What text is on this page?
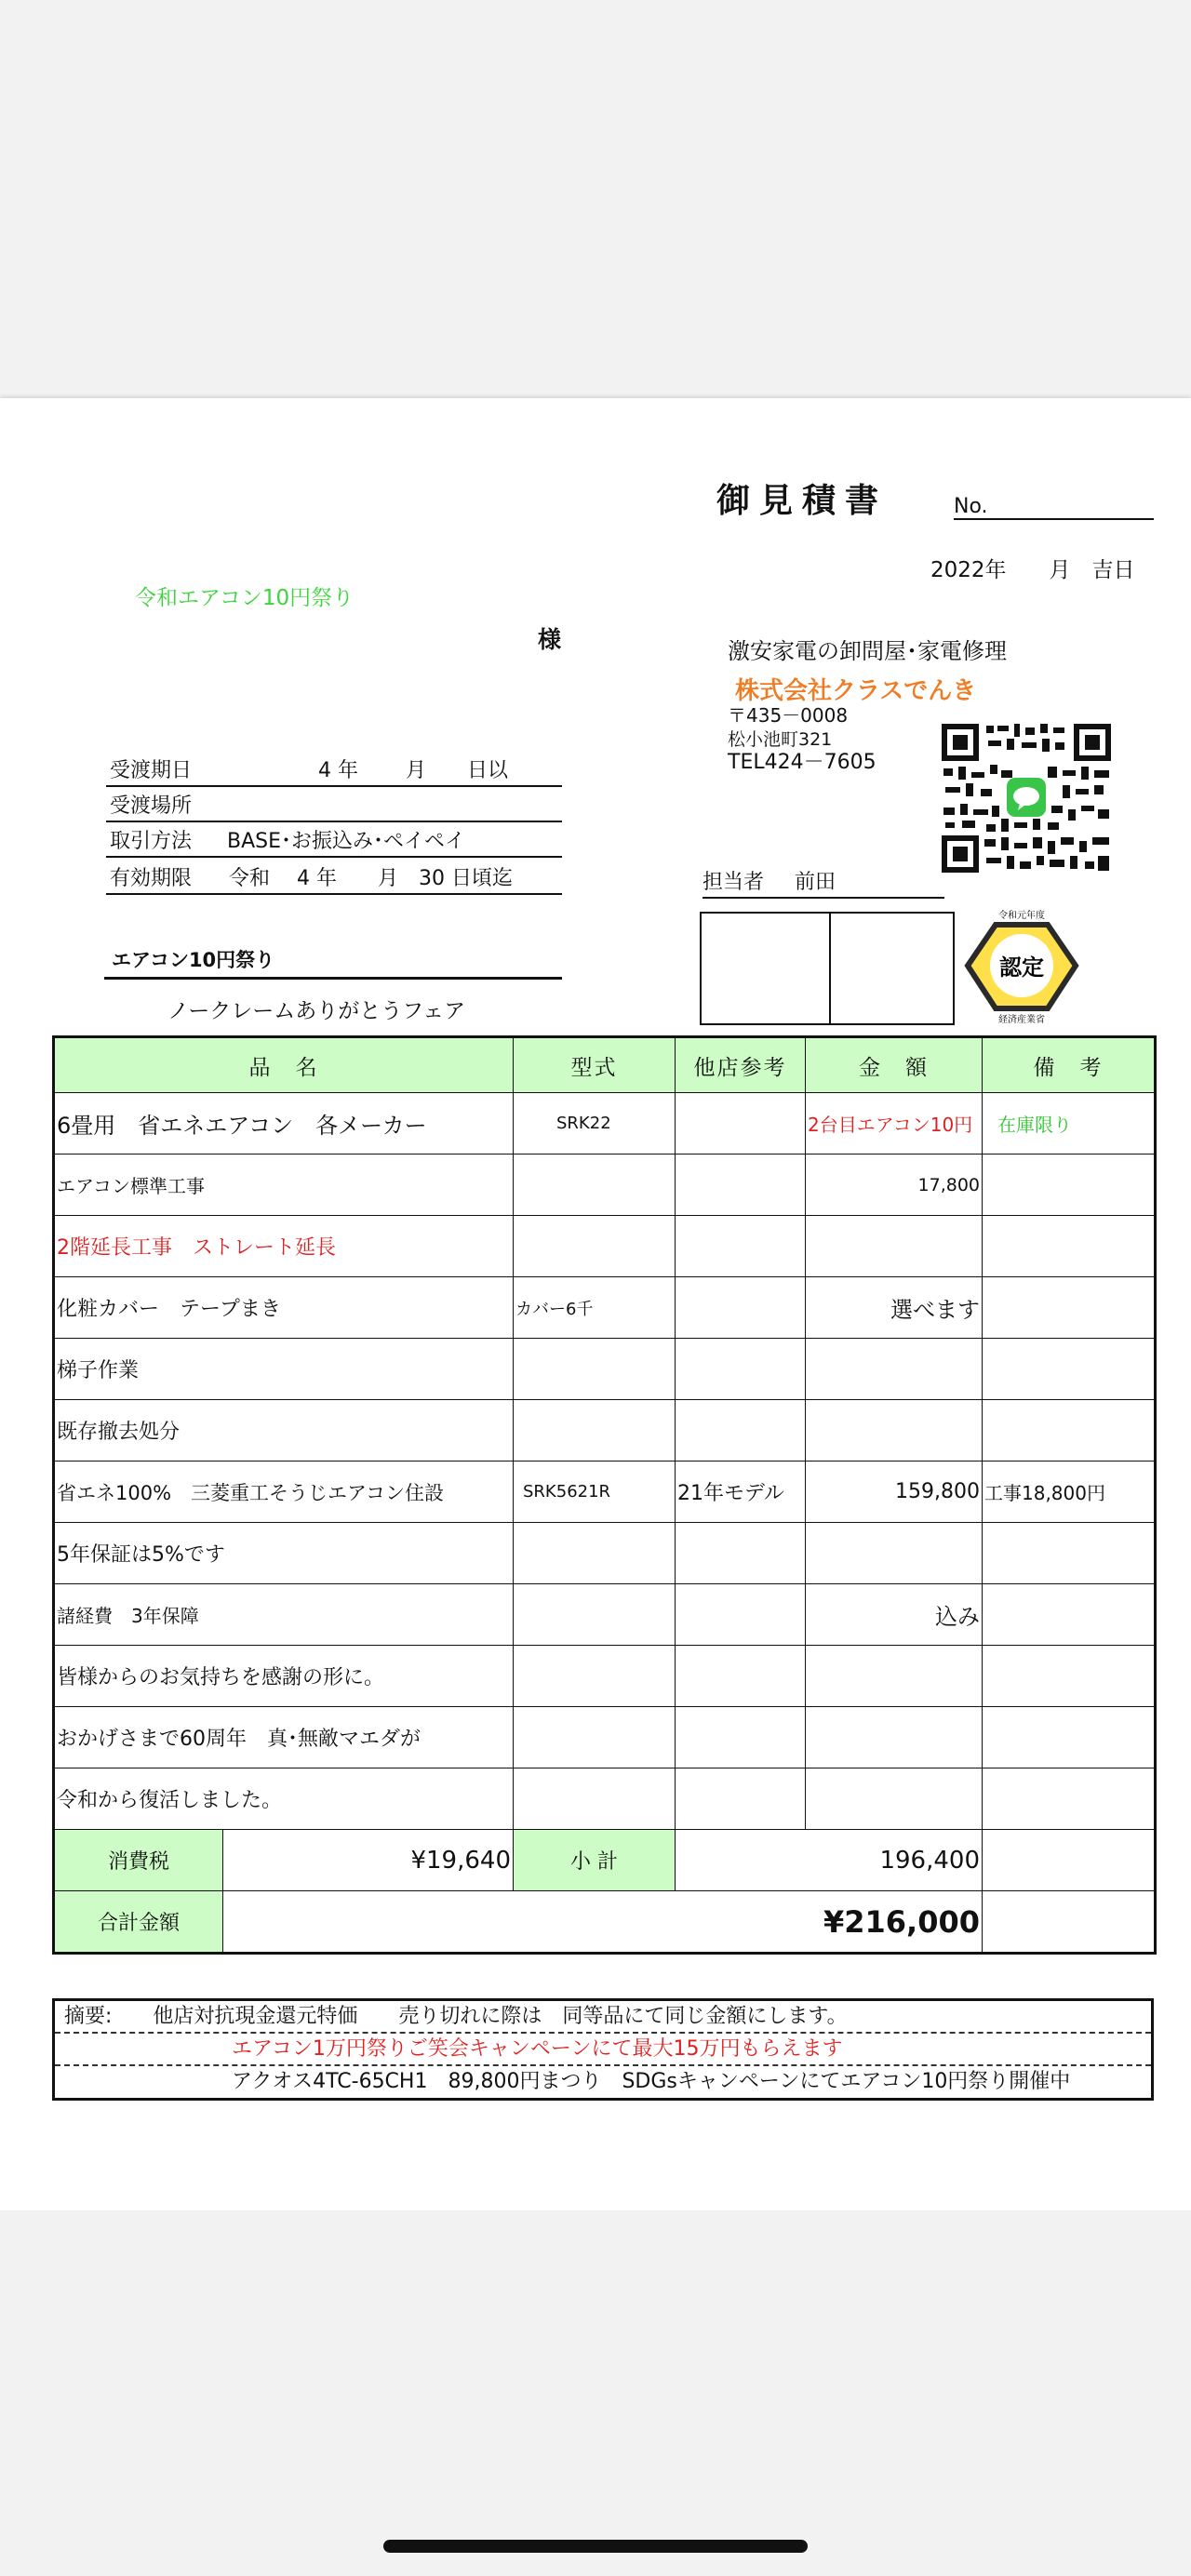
御見積書	No.
2022年　　月　吉日
令和エアコン10円祭り
様	激安家電の卸問屋･家電修理
株式会社クラスでんき
〒435－0008
松小池町321
TEL424－7605
受渡期日	4 年　　 月　　日以
受渡場所
取引方法 BASE･お振込み･ペイペイ
有効期限 令和　 4 年　　月　30 日頃迄	担当者 前田
令和元年度
認定
経済産業省
エアコン10円祭り
ノークレームありがとうフェア
品　名		型式	他店参考	金　額	備　考
6畳用　省エネエアコン　各メーカー		SRK22		2台目エアコン10円	在庫限り
エアコン標準工事				17,800	
2階延長工事　ストレート延長					
化粧カバー　テープまき		カバー6千		選べます	
梯子作業					
既存撤去処分					
省エネ100%　三菱重工そうじエアコン住設		SRK5621R	21年モデル	159,800	工事18,800円
5年保証は5%です					
諸経費　3年保障				込み	
皆様からのお気持ちを感謝の形に。					
おかげさまで60周年　真･無敵マエダが					
令和から復活しました。					
消費税	¥19,640	小 計	196,400		
合計金額	¥216,000				
摘要:　　他店対抗現金還元特価　　売り切れに際は　同等品にて同じ金額にします。
エアコン1万円祭りご笑会キャンペーンにて最大15万円もらえます
アクオス4TC-65CH1　89,800円まつり　SDGsキャンペーンにてエアコン10円祭り開催中
